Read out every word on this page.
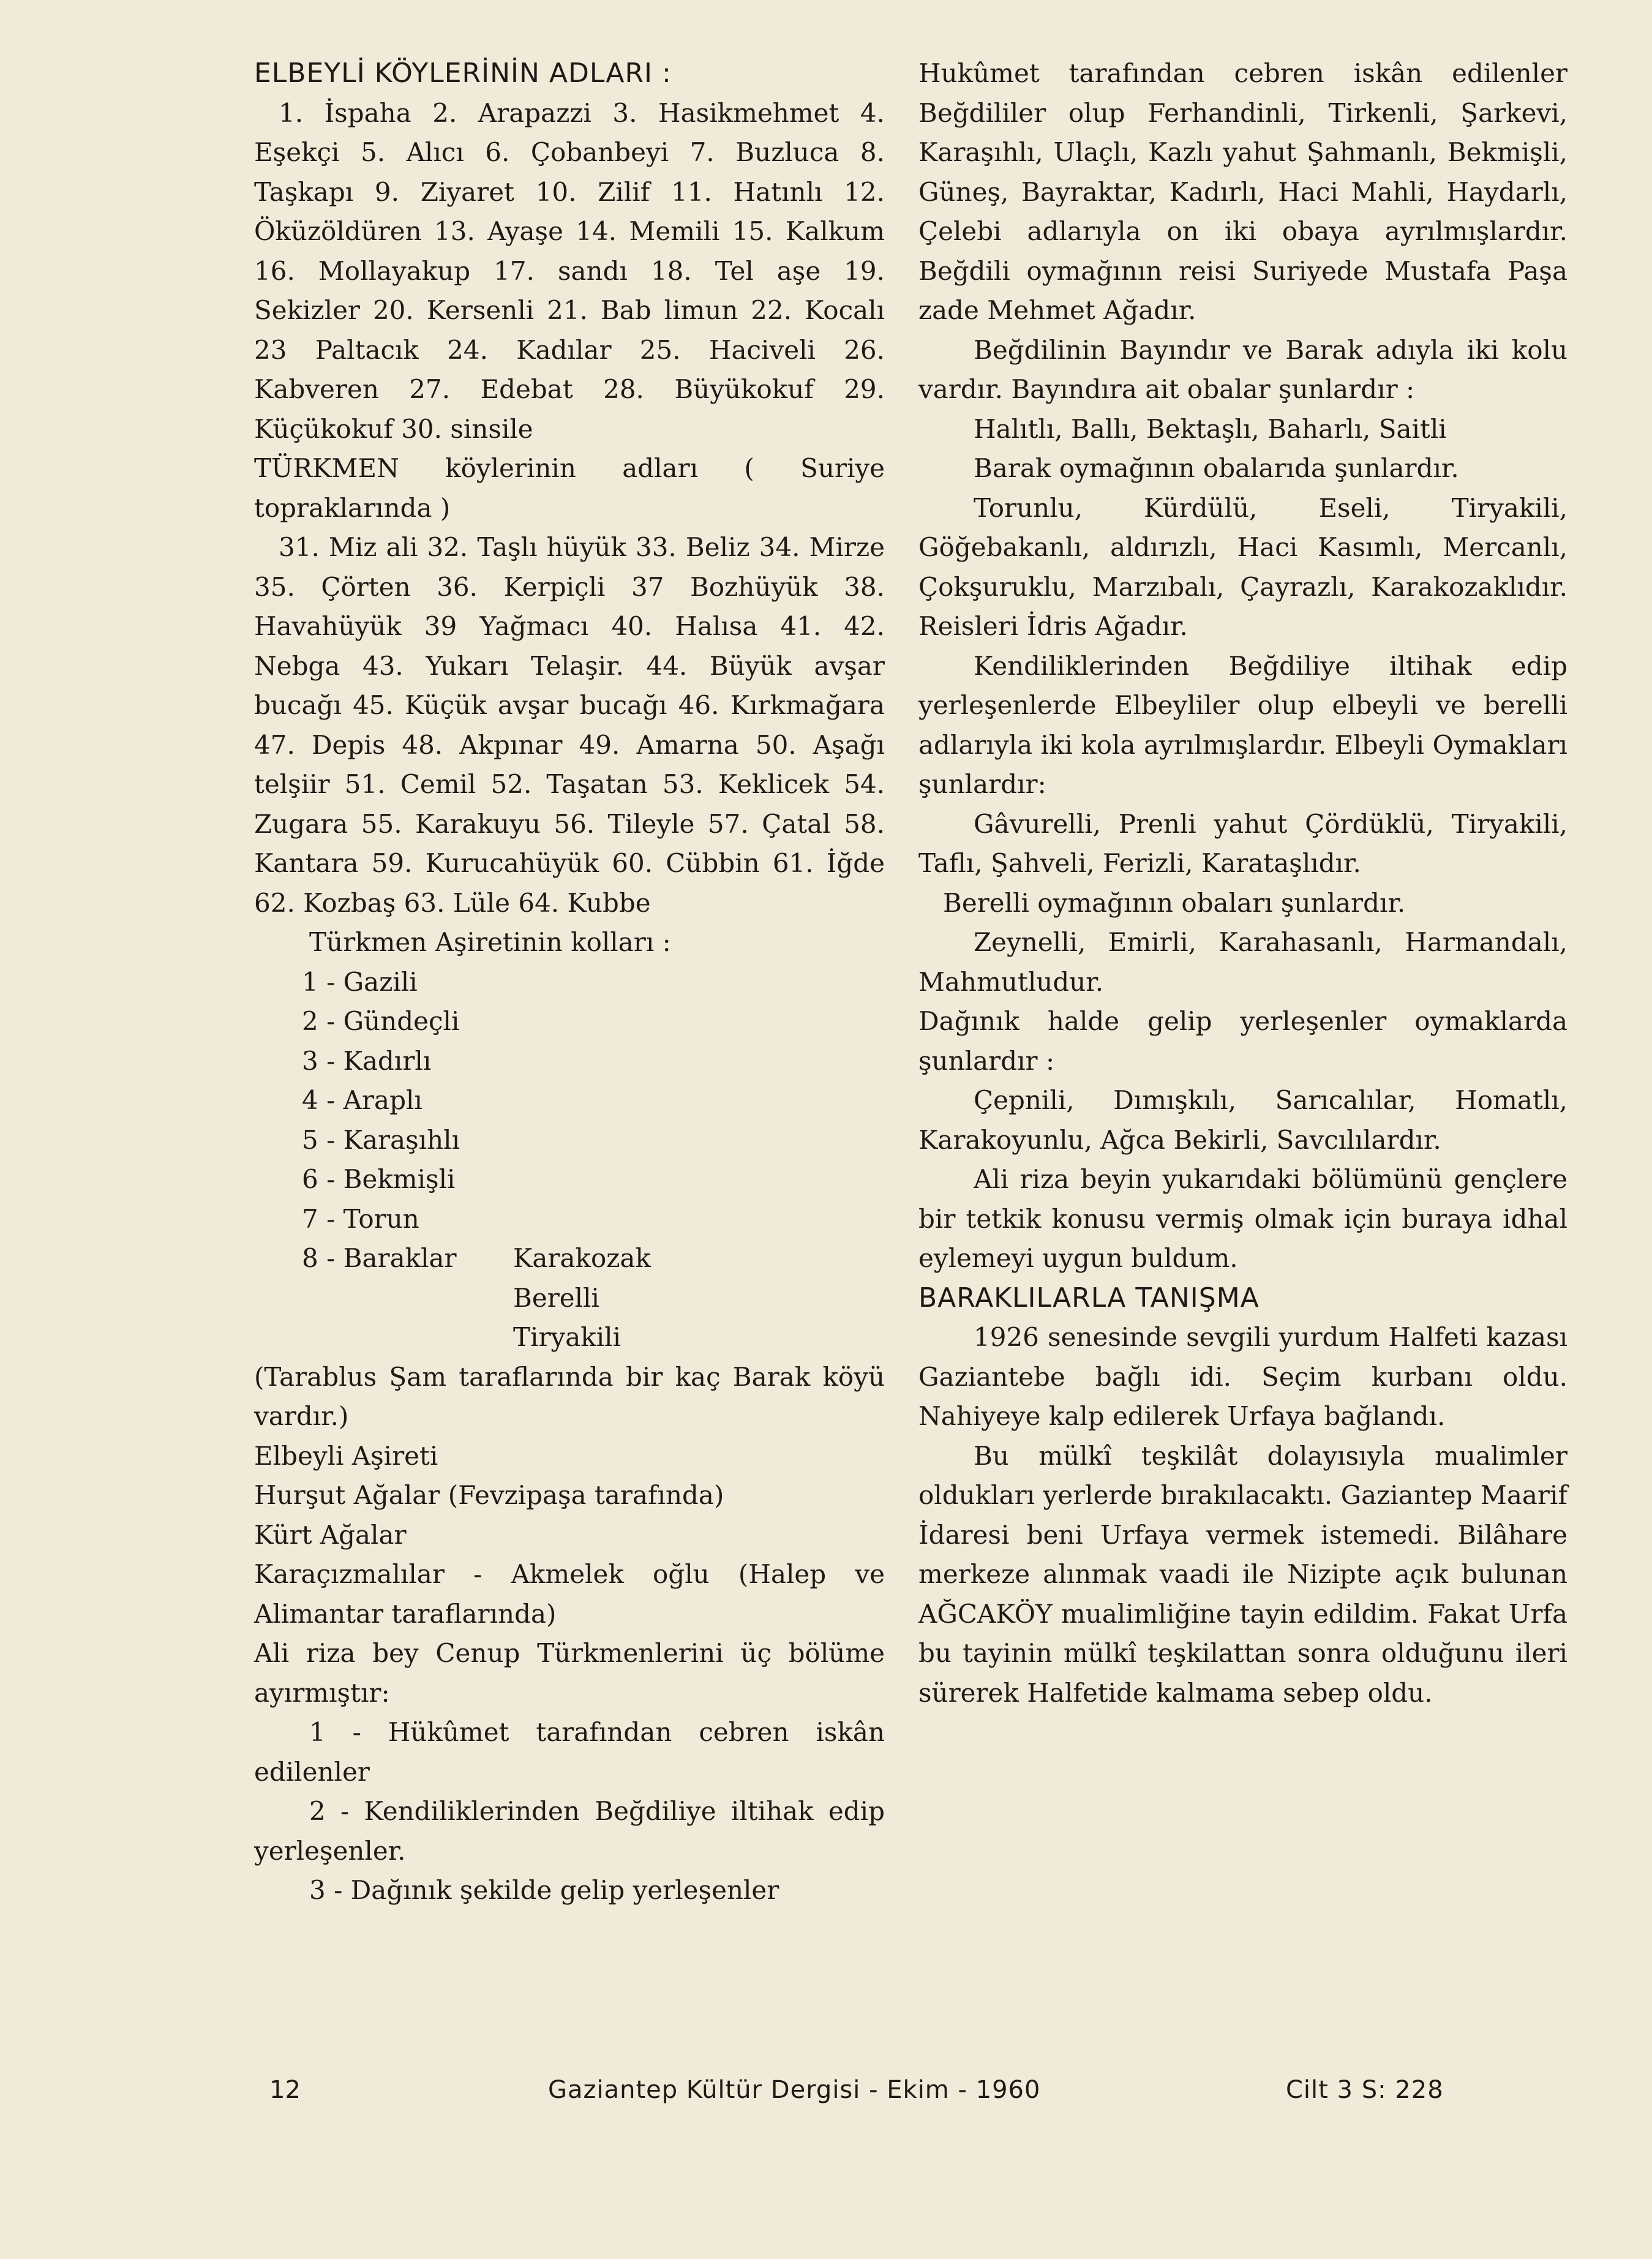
ELBEYLİ KÖYLERİNİN ADLARI :

1. İspaha 2. Arapazzi 3. Hasikmehmet 4. Eşekçi 5. Alıcı 6. Çobanbeyi 7. Buzluca 8. Taşkapı 9. Ziyaret 10. Zilif 11. Hatınlı 12. Öküzöldüren 13. Ayaşe 14. Memili 15. Kalkum 16. Mollayakup 17. sandı 18. Tel aşe 19. Sekizler 20. Kersenli 21. Bab limun 22. Kocalı 23 Paltacık 24. Kadılar 25. Haciveli 26. Kabveren 27. Edebat 28. Büyükokuf 29. Küçükokuf 30. sinsile

TÜRKMEN köylerinin adları ( Suriye topraklarında )

31. Miz ali 32. Taşlı hüyük 33. Beliz 34. Mirze 35. Çörten 36. Kerpiçli 37 Bozhüyük 38. Havahüyük 39 Yağmacı 40. Halısa 41. 42. Nebga 43. Yukarı Telaşir. 44. Büyük avşar bucağı 45. Küçük avşar bucağı 46. Kırkmağara 47. Depis 48. Akpınar 49. Amarna 50. Aşağı telşiir 51. Cemil 52. Taşatan 53. Keklicek 54. Zugara 55. Karakuyu 56. Tileyle 57. Çatal 58. Kantara 59. Kurucahüyük 60. Cübbin 61. İğde 62. Kozbaş 63. Lüle 64. Kubbe

Türkmen Aşiretinin kolları :

1 - Gazili
2 - Gündeçli
3 - Kadırlı
4 - Araplı
5 - Karaşıhlı
6 - Bekmişli
7 - Torun
8 - Baraklar	Karakozak
Berelli
Tiryakili

(Tarablus Şam taraflarında bir kaç Barak köyü vardır.)

Elbeyli Aşireti

Hurşut Ağalar (Fevzipaşa tarafında)

Kürt Ağalar

Karaçızmalılar - Akmelek oğlu (Halep ve Alimantar taraflarında)

Ali riza bey Cenup Türkmenlerini üç bölüme ayırmıştır:

1 - Hükûmet tarafından cebren iskân edilenler

2 - Kendiliklerinden Beğdiliye iltihak edip yerleşenler.

3 - Dağınık şekilde gelip yerleşenler

Hukûmet tarafından cebren iskân edilenler Beğdililer olup Ferhandinli, Tirkenli, Şarkevi, Karaşıhlı, Ulaçlı, Kazlı yahut Şahmanlı, Bekmişli, Güneş, Bayraktar, Kadırlı, Haci Mahli, Haydarlı, Çelebi adlarıyla on iki obaya ayrılmışlardır. Beğdili oymağının reisi Suriyede Mustafa Paşa zade Mehmet Ağadır.

Beğdilinin Bayındır ve Barak adıyla iki kolu vardır. Bayındıra ait obalar şunlardır :

Halıtlı, Ballı, Bektaşlı, Baharlı, Saitli

Barak oymağının obalarıda şunlardır.

Torunlu, Kürdülü, Eseli, Tiryakili, Göğebakanlı, aldırızlı, Haci Kasımlı, Mercanlı, Çokşuruklu, Marzıbalı, Çayrazlı, Karakozaklıdır. Reisleri İdris Ağadır.

Kendiliklerinden Beğdiliye iltihak edip yerleşenlerde Elbeyliler olup elbeyli ve berelli adlarıyla iki kola ayrılmışlardır. Elbeyli Oymakları şunlardır:

Gâvurelli, Prenli yahut Çördüklü, Tiryakili, Taflı, Şahveli, Ferizli, Karataşlıdır.

Berelli oymağının obaları şunlardır.

Zeynelli, Emirli, Karahasanlı, Harmandalı, Mahmutludur.

Dağınık halde gelip yerleşenler oymaklarda şunlardır :

Çepnili, Dımışkılı, Sarıcalılar, Homatlı, Karakoyunlu, Ağca Bekirli, Savcılılardır.

Ali riza beyin yukarıdaki bölümünü gençlere bir tetkik konusu vermiş olmak için buraya idhal eylemeyi uygun buldum.

BARAKLILARLA TANIŞMA

1926 senesinde sevgili yurdum Halfeti kazası Gaziantebe bağlı idi. Seçim kurbanı oldu. Nahiyeye kalp edilerek Urfaya bağlandı.

Bu mülkî teşkilât dolayısıyla mualimler oldukları yerlerde bırakılacaktı. Gaziantep Maarif İdaresi beni Urfaya vermek istemedi. Bilâhare merkeze alınmak vaadi ile Nizipte açık bulunan AĞCAKÖY mualimliğine tayin edildim. Fakat Urfa bu tayinin mülkî teşkilattan sonra olduğunu ileri sürerek Halfetide kalmama sebep oldu.

12	Gaziantep Kültür Dergisi - Ekim - 1960	Cilt 3 S: 228
